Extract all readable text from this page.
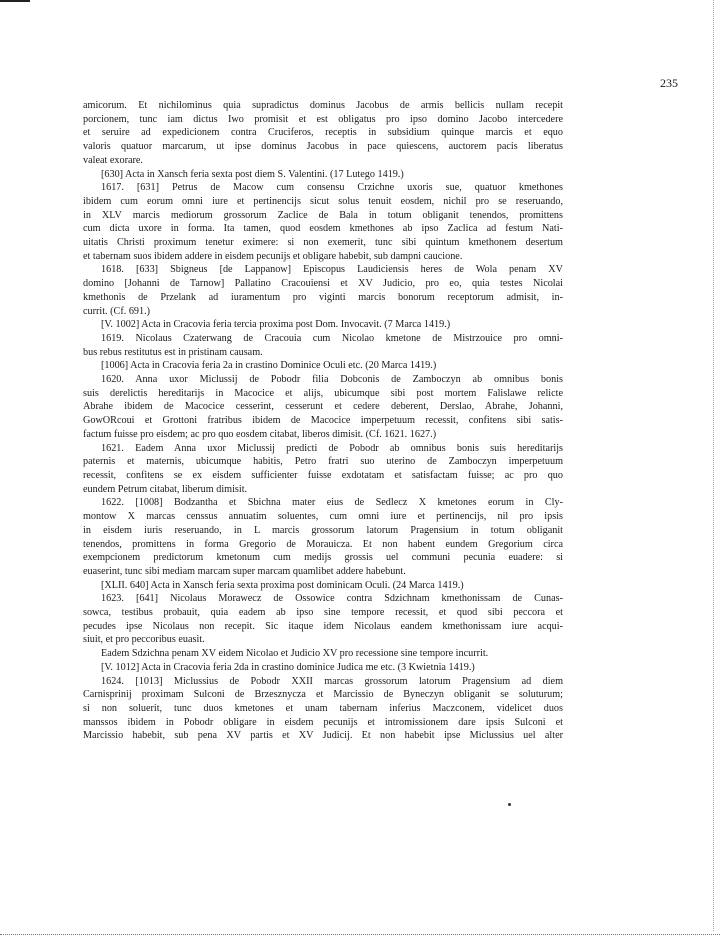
235
amicorum. Et nichilominus quia supradictus dominus Jacobus de armis bellicis nullam recepit
porcionem, tunc iam dictus Iwo promisit et est obligatus pro ipso domino Jacobo intercedere
et seruire ad expedicionem contra Cruciferos, receptis in subsidium quinque marcis et equo
valoris quatuor marcarum, ut ipse dominus Jacobus in pace quiescens, auctorem pacis liberatus
valeat exorare.
[630] Acta in Xansch feria sexta post diem S. Valentini. (17 Lutego 1419.)
1617. [631] Petrus de Macow cum consensu Crzichne uxoris sue, quatuor kmethones
ibidem cum eorum omni iure et pertinencijs sicut solus tenuit eosdem, nichil pro se reseruando,
in XLV marcis mediorum grossorum Zaclice de Bala in totum obliganit tenendos, promittens
cum dicta uxore in forma. Ita tamen, quod eosdem kmethones ab ipso Zaclica ad festum Nati-
uitatis Christi proximum tenetur eximere: si non exemerit, tunc sibi quintum kmethonem desertum
et tabernam suos ibidem addere in eisdem pecunijs et obligare habebit, sub dampni caucione.
1618. [633] Sbigneus [de Lappanow] Episcopus Laudiciensis heres de Wola penam XV
domino [Johanni de Tarnow] Pallatino Cracouiensi et XV Judicio, pro eo, quia testes Nicolai
kmethonis de Przelank ad iuramentum pro viginti marcis bonorum receptorum admisit, in-
currit. (Cf. 691.)
[V. 1002] Acta in Cracovia feria tercia proxima post Dom. Invocavit. (7 Marca 1419.)
1619. Nicolaus Czaterwang de Cracouia cum Nicolao kmetone de Mistrzouice pro omni-
bus rebus restitutus est in pristinam causam.
[1006] Acta in Cracovia feria 2a in crastino Dominice Oculi etc. (20 Marca 1419.)
1620. Anna uxor Miclussij de Pobodr filia Dobconis de Zamboczyn ab omnibus bonis
suis derelictis hereditarijs in Macocice et alijs, ubicumque sibi post mortem Falislawe relicte
Abrahe ibidem de Macocice cesserint, cesserunt et cedere deberent, Derslao, Abrahe, Johanni,
GowORcoui et Grottoni fratribus ibidem de Macocice imperpetuum recessit, confitens sibi satis-
factum fuisse pro eisdem; ac pro quo eosdem citabat, liberos dimisit. (Cf. 1621. 1627.)
1621. Eadem Anna uxor Miclussij predicti de Pobodr ab omnibus bonis suis hereditarijs
paternis et maternis, ubicumque habitis, Petro fratri suo uterino de Zamboczyn imperpetuum
recessit, confitens se ex eisdem sufficienter fuisse exdotatam et satisfactam fuisse; ac pro quo
eundem Petrum citabat, liberum dimisit.
1622. [1008] Bodzantha et Sbichna mater eius de Sedlecz X kmetones eorum in Cly-
montow X marcas censsus annuatim soluentes, cum omni iure et pertinencijs, nil pro ipsis
in eisdem iuris reseruando, in L marcis grossorum latorum Pragensium in totum obliganit
tenendos, promittens in forma Gregorio de Morauicza. Et non habent eundem Gregorium circa
exempcionem predictorum kmetonum cum medijs grossis uel communi pecunia euadere: si
euaserint, tunc sibi mediam marcam super marcam quamlibet addere habebunt.
[XLII. 640] Acta in Xansch feria sexta proxima post dominicam Oculi. (24 Marca 1419.)
1623. [641] Nicolaus Morawecz de Ossowice contra Sdzichnam kmethonissam de Cunas-
sowca, testibus probauit, quia eadem ab ipso sine tempore recessit, et quod sibi peccora et
pecudes ipse Nicolaus non recepit. Sic itaque idem Nicolaus eandem kmethonissam iure acqui-
siuit, et pro peccoribus euasit.
Eadem Sdzichna penam XV eidem Nicolao et Judicio XV pro recessione sine tempore incurrit.
[V. 1012] Acta in Cracovia feria 2da in crastino dominice Judica me etc. (3 Kwietnia 1419.)
1624. [1013] Miclussius de Pobodr XXII marcas grossorum latorum Pragensium ad diem
Carnisprinij proximam Sulconi de Brzesznycza et Marcissio de Byneczyn obliganit se soluturum;
si non soluerit, tunc duos kmetones et unam tabernam inferius Maczconem, videlicet duos
manssos ibidem in Pobodr obligare in eisdem pecunijs et intromissionem dare ipsis Sulconi et
Marcissio habebit, sub pena XV partis et XV Judicij. Et non habebit ipse Miclussius uel alter
